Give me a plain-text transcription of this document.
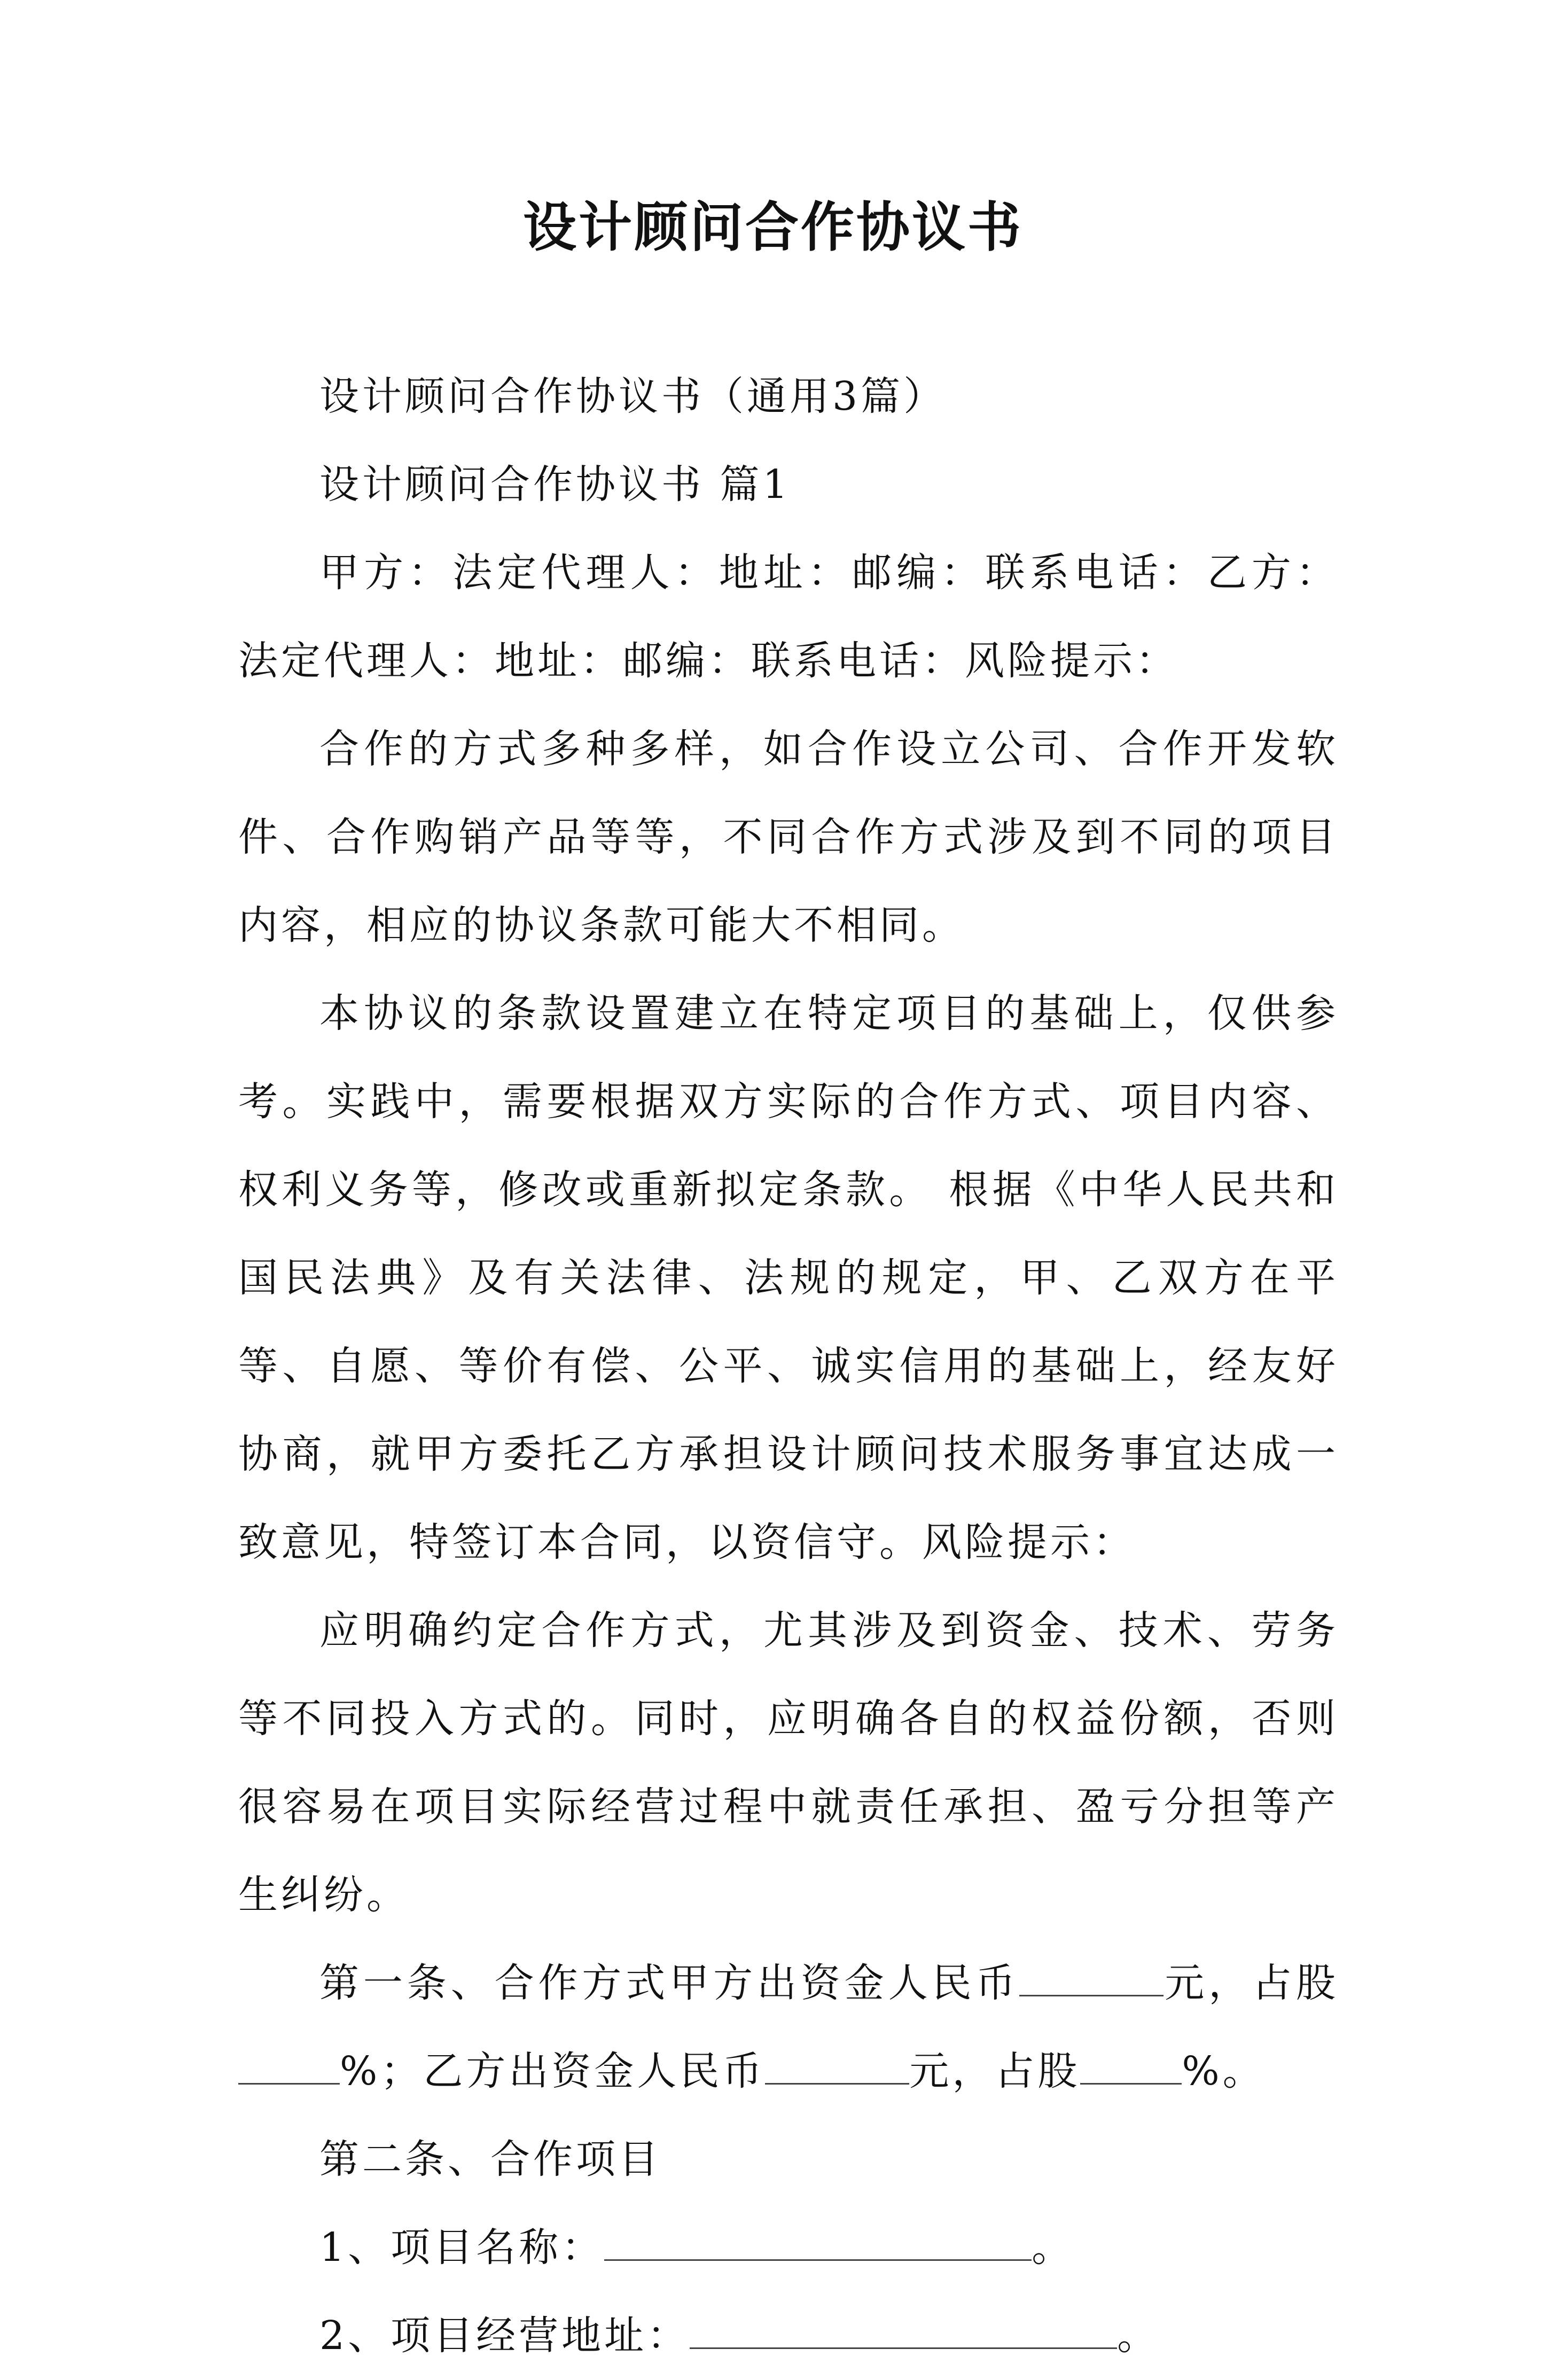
设计顾问合作协议书

设计顾问合作协议书（通用3篇）

设计顾问合作协议书 篇1

甲方：法定代理人：地址：邮编：联系电话：乙方：法定代理人：地址：邮编：联系电话：风险提示：

合作的方式多种多样，如合作设立公司、合作开发软件、合作购销产品等等，不同合作方式涉及到不同的项目内容，相应的协议条款可能大不相同。

本协议的条款设置建立在特定项目的基础上，仅供参考。实践中，需要根据双方实际的合作方式、项目内容、权利义务等，修改或重新拟定条款。 根据《中华人民共和国民法典》及有关法律、法规的规定，甲、乙双方在平等、自愿、等价有偿、公平、诚实信用的基础上，经友好协商，就甲方委托乙方承担设计顾问技术服务事宜达成一致意见，特签订本合同，以资信守。风险提示：

应明确约定合作方式，尤其涉及到资金、技术、劳务等不同投入方式的。同时，应明确各自的权益份额，否则很容易在项目实际经营过程中就责任承担、盈亏分担等产生纠纷。

第一条、合作方式甲方出资金人民币	元，占股%；乙方出资金人民币	元，占股	%。

第二条、合作项目

1、项目名称：	。

2、项目经营地址：	。
